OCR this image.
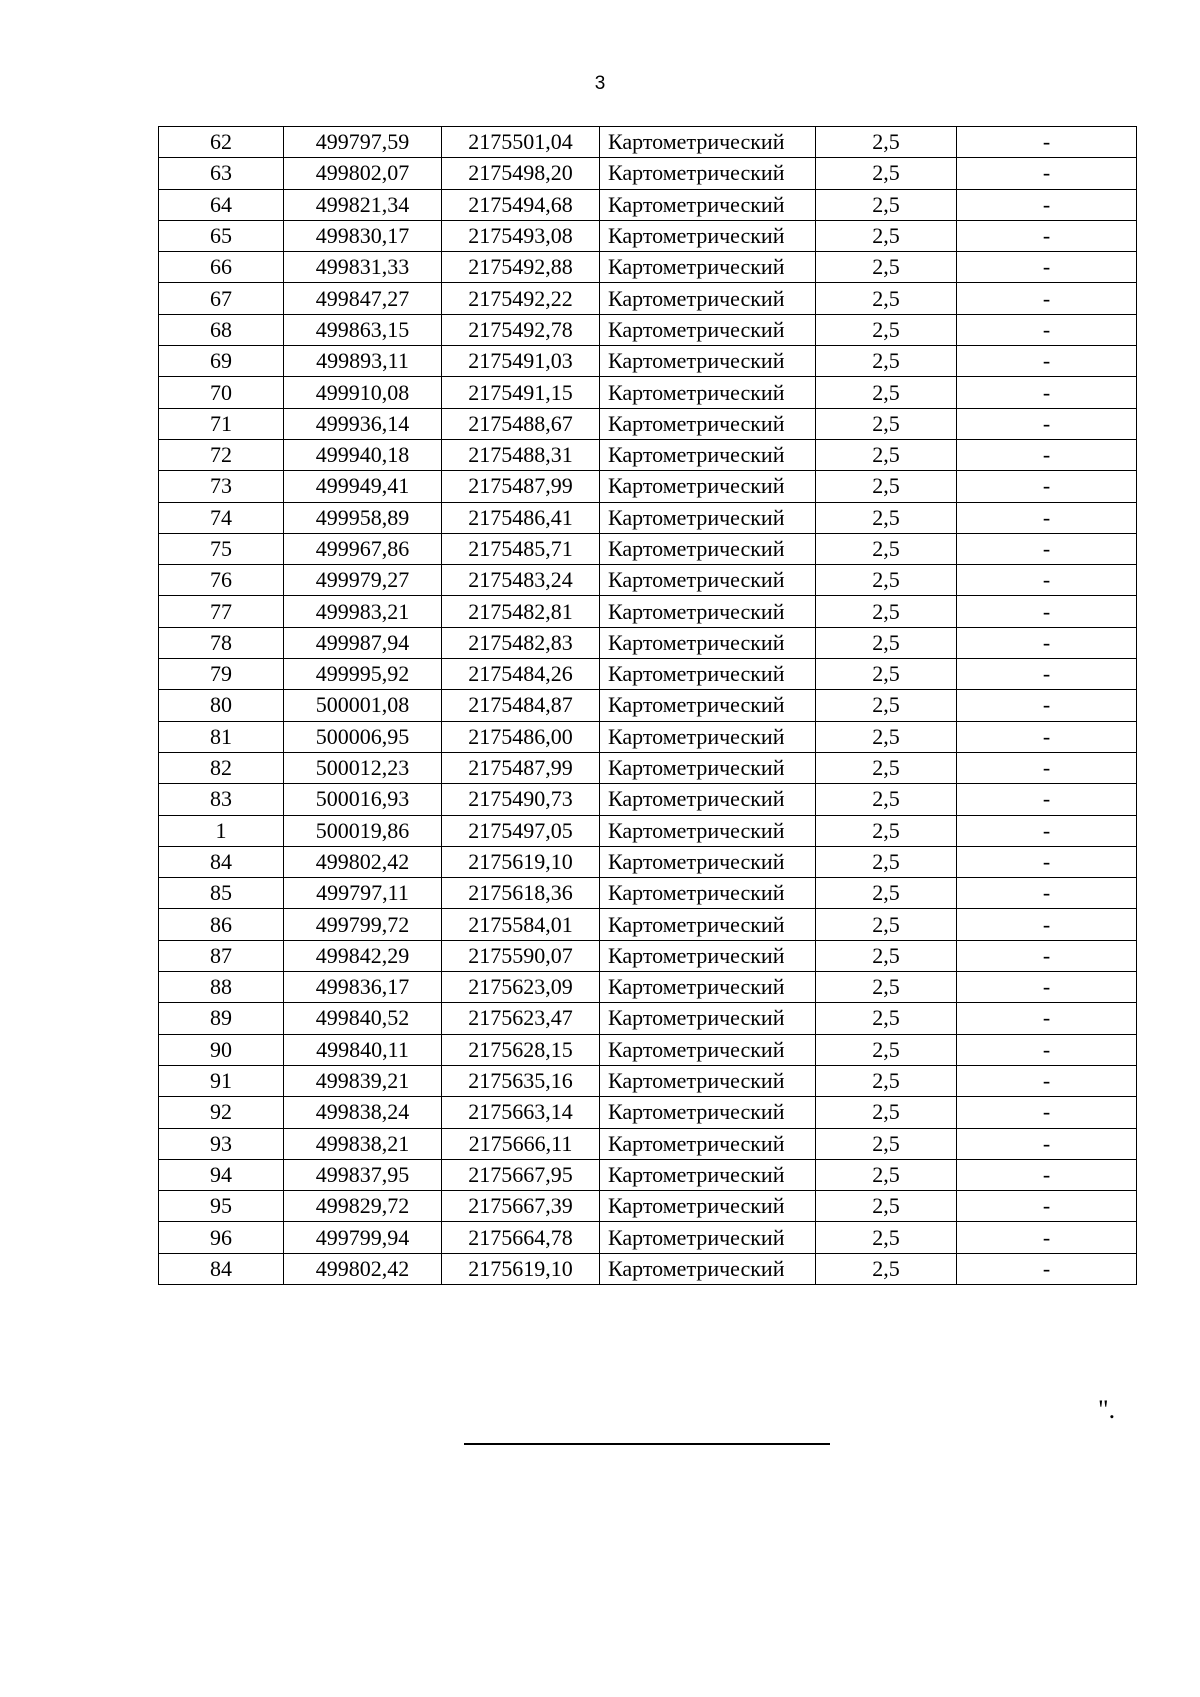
3
62	499797,59	2175501,04	Картометрический	2,5	-
63	499802,07	2175498,20	Картометрический	2,5	-
64	499821,34	2175494,68	Картометрический	2,5	-
65	499830,17	2175493,08	Картометрический	2,5	-
66	499831,33	2175492,88	Картометрический	2,5	-
67	499847,27	2175492,22	Картометрический	2,5	-
68	499863,15	2175492,78	Картометрический	2,5	-
69	499893,11	2175491,03	Картометрический	2,5	-
70	499910,08	2175491,15	Картометрический	2,5	-
71	499936,14	2175488,67	Картометрический	2,5	-
72	499940,18	2175488,31	Картометрический	2,5	-
73	499949,41	2175487,99	Картометрический	2,5	-
74	499958,89	2175486,41	Картометрический	2,5	-
75	499967,86	2175485,71	Картометрический	2,5	-
76	499979,27	2175483,24	Картометрический	2,5	-
77	499983,21	2175482,81	Картометрический	2,5	-
78	499987,94	2175482,83	Картометрический	2,5	-
79	499995,92	2175484,26	Картометрический	2,5	-
80	500001,08	2175484,87	Картометрический	2,5	-
81	500006,95	2175486,00	Картометрический	2,5	-
82	500012,23	2175487,99	Картометрический	2,5	-
83	500016,93	2175490,73	Картометрический	2,5	-
1	500019,86	2175497,05	Картометрический	2,5	-
84	499802,42	2175619,10	Картометрический	2,5	-
85	499797,11	2175618,36	Картометрический	2,5	-
86	499799,72	2175584,01	Картометрический	2,5	-
87	499842,29	2175590,07	Картометрический	2,5	-
88	499836,17	2175623,09	Картометрический	2,5	-
89	499840,52	2175623,47	Картометрический	2,5	-
90	499840,11	2175628,15	Картометрический	2,5	-
91	499839,21	2175635,16	Картометрический	2,5	-
92	499838,24	2175663,14	Картометрический	2,5	-
93	499838,21	2175666,11	Картометрический	2,5	-
94	499837,95	2175667,95	Картометрический	2,5	-
95	499829,72	2175667,39	Картометрический	2,5	-
96	499799,94	2175664,78	Картометрический	2,5	-
84	499802,42	2175619,10	Картометрический	2,5	-
".
